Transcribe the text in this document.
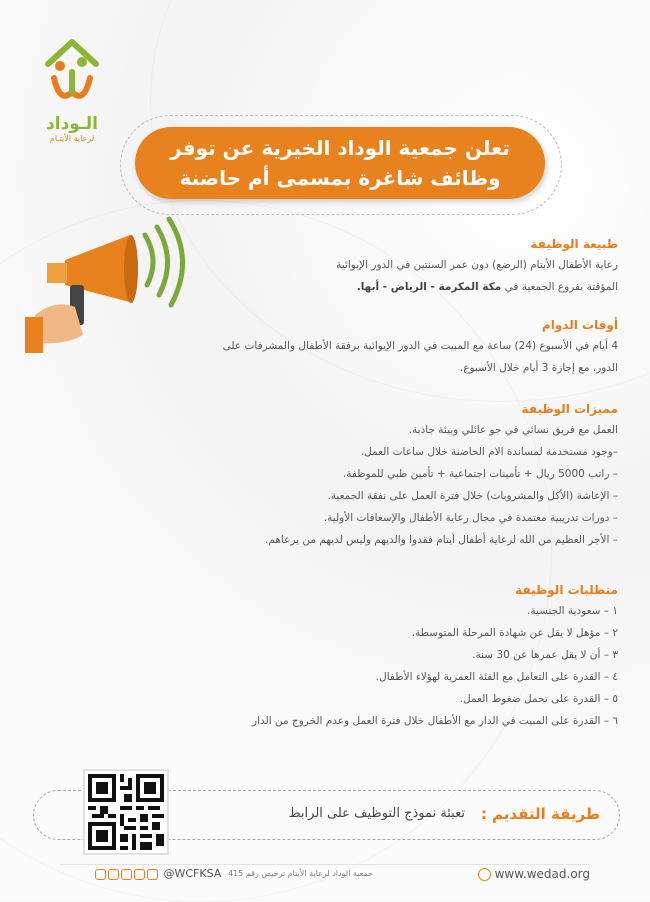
الـوداد
لرعاية الأيتـام	تعلن جمعية الوداد الخيرية عن توفر
وظائف شاغرة بمسمى أم حاضنة
طبيعة الوظيفة
رعاية الأطفال الأيتام (الرضع) دون عمر السنتين في الدور الإيوائية
المؤقتة بفروع الجمعية في مكة المكرمة - الرياض - أبها.
أوقات الدوام
4 أيام في الأسبوع (24) ساعة مع المبيت في الدور الإيوائية برفقة الأطفال والمشرفات على
الدور، مع إجازة 3 أيام خلال الأسبوع.
مميزات الوظيفة
العمل مع فريق نسائي في جو عائلي وبيئة جاذبة.
–وجود مستخدمة لمساندة الام الحاضنة خلال ساعات العمل.
– راتب 5000 ريال + تأمينات اجتماعية + تأمين طبي للموظفة.
– الإعاشة (الأكل والمشروبات) خلال فترة العمل على نفقة الجمعية.
– دورات تدريبية معتمدة في مجال رعاية الأطفال والإسعافات الأولية.
– الأجر العظيم من الله لرعاية أطفال أيتام فقدوا والديهم وليس لديهم من يرعاهم.
متطلبات الوظيفة
١ – سعودية الجنسية.
٢ – مؤهل لا يقل عن شهادة المرحلة المتوسطة.
٣ – أن لا يقل عمرها عن 30 سنة.
٤ – القدرة على التعامل مع الفئة العمرية لهؤلاء الأطفال.
٥ – القدرة على تحمل ضغوط العمل.
٦ – القدرة على المبيت في الدار مع الأطفال خلال فترة العمل وعدم الخروج من الدار
طريقة التقديم :
تعبئة نموذج التوظيف على الرابط
www.wedad.org
جمعية الوداد لرعاية الأيتام ترخيص رقم 415
@WCFKSA
